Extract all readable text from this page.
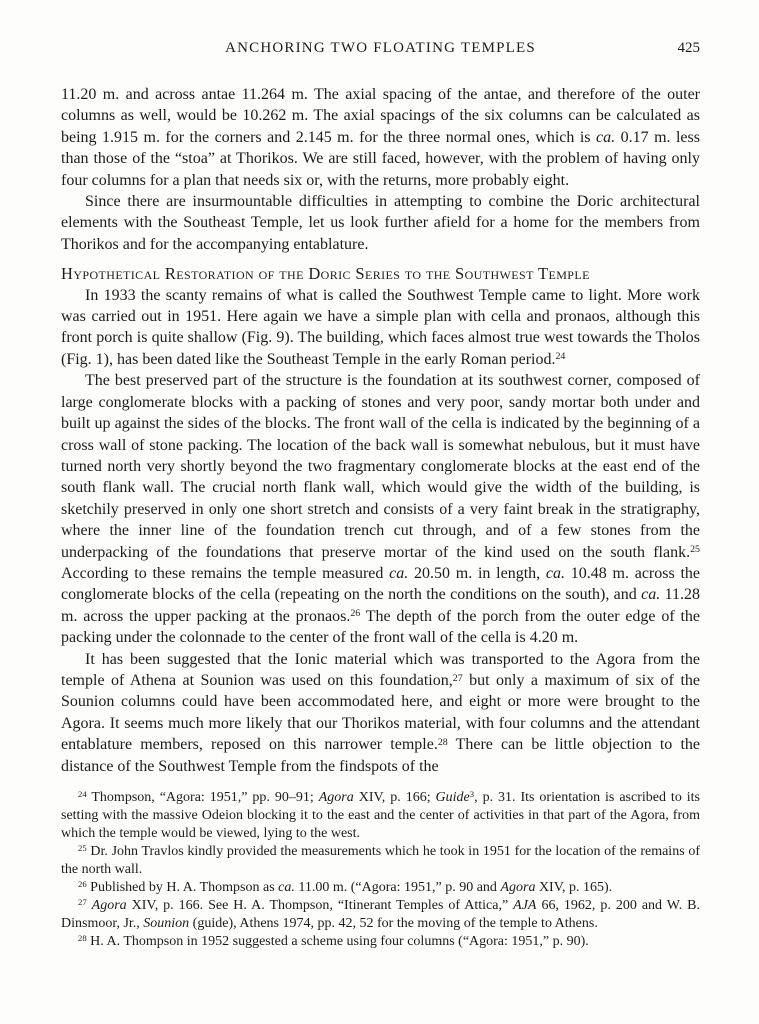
ANCHORING TWO FLOATING TEMPLES	425

11.20 m. and across antae 11.264 m. The axial spacing of the antae, and therefore of the outer columns as well, would be 10.262 m. The axial spacings of the six columns can be calculated as being 1.915 m. for the corners and 2.145 m. for the three normal ones, which is ca. 0.17 m. less than those of the “stoa” at Thorikos. We are still faced, however, with the problem of having only four columns for a plan that needs six or, with the returns, more probably eight.

Since there are insurmountable difficulties in attempting to combine the Doric architectural elements with the Southeast Temple, let us look further afield for a home for the members from Thorikos and for the accompanying entablature.

Hypothetical Restoration of the Doric Series to the Southwest Temple

In 1933 the scanty remains of what is called the Southwest Temple came to light. More work was carried out in 1951. Here again we have a simple plan with cella and pronaos, although this front porch is quite shallow (Fig. 9). The building, which faces almost true west towards the Tholos (Fig. 1), has been dated like the Southeast Temple in the early Roman period.$^{24}$

The best preserved part of the structure is the foundation at its southwest corner, composed of large conglomerate blocks with a packing of stones and very poor, sandy mortar both under and built up against the sides of the blocks. The front wall of the cella is indicated by the beginning of a cross wall of stone packing. The location of the back wall is somewhat nebulous, but it must have turned north very shortly beyond the two fragmentary conglomerate blocks at the east end of the south flank wall. The crucial north flank wall, which would give the width of the building, is sketchily preserved in only one short stretch and consists of a very faint break in the stratigraphy, where the inner line of the foundation trench cut through, and of a few stones from the underpacking of the foundations that preserve mortar of the kind used on the south flank.$^{25}$ According to these remains the temple measured ca. 20.50 m. in length, ca. 10.48 m. across the conglomerate blocks of the cella (repeating on the north the conditions on the south), and ca. 11.28 m. across the upper packing at the pronaos.$^{26}$ The depth of the porch from the outer edge of the packing under the colonnade to the center of the front wall of the cella is 4.20 m.

It has been suggested that the Ionic material which was transported to the Agora from the temple of Athena at Sounion was used on this foundation,$^{27}$ but only a maximum of six of the Sounion columns could have been accommodated here, and eight or more were brought to the Agora. It seems much more likely that our Thorikos material, with four columns and the attendant entablature members, reposed on this narrower temple.$^{28}$ There can be little objection to the distance of the Southwest Temple from the findspots of the

$^{24}$ Thompson, “Agora: 1951,” pp. 90–91; Agora XIV, p. 166; Guide$^3$, p. 31. Its orientation is ascribed to its setting with the massive Odeion blocking it to the east and the center of activities in that part of the Agora, from which the temple would be viewed, lying to the west.

$^{25}$ Dr. John Travlos kindly provided the measurements which he took in 1951 for the location of the remains of the north wall.

$^{26}$ Published by H. A. Thompson as ca. 11.00 m. (“Agora: 1951,” p. 90 and Agora XIV, p. 165).

$^{27}$ Agora XIV, p. 166. See H. A. Thompson, “Itinerant Temples of Attica,” AJA 66, 1962, p. 200 and W. B. Dinsmoor, Jr., Sounion (guide), Athens 1974, pp. 42, 52 for the moving of the temple to Athens.

$^{28}$ H. A. Thompson in 1952 suggested a scheme using four columns (“Agora: 1951,” p. 90).
